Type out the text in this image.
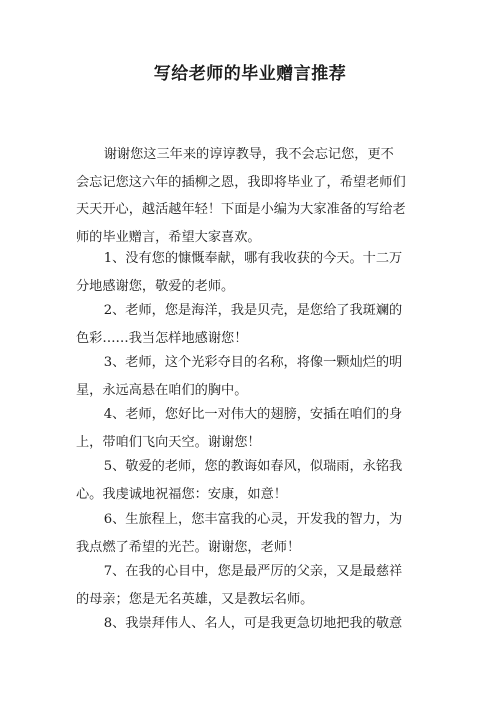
写给老师的毕业赠言推荐
谢谢您这三年来的谆谆教导，我不会忘记您，更不
会忘记您这六年的插柳之恩，我即将毕业了，希望老师们
天天开心，越活越年轻！下面是小编为大家准备的写给老
师的毕业赠言，希望大家喜欢。
1、没有您的慷慨奉献，哪有我收获的今天。十二万
分地感谢您，敬爱的老师。
2、老师，您是海洋，我是贝壳，是您给了我斑斓的
色彩……我当怎样地感谢您！
3、老师，这个光彩夺目的名称，将像一颗灿烂的明
星，永远高悬在咱们的胸中。
4、老师，您好比一对伟大的翅膀，安插在咱们的身
上，带咱们飞向天空。谢谢您！
5、敬爱的老师，您的教诲如春风，似瑞雨，永铭我
心。我虔诚地祝福您：安康，如意！
6、生旅程上，您丰富我的心灵，开发我的智力，为
我点燃了希望的光芒。谢谢您，老师！
7、在我的心目中，您是最严厉的父亲，又是最慈祥
的母亲；您是无名英雄，又是教坛名师。
8、我崇拜伟人、名人，可是我更急切地把我的敬意
